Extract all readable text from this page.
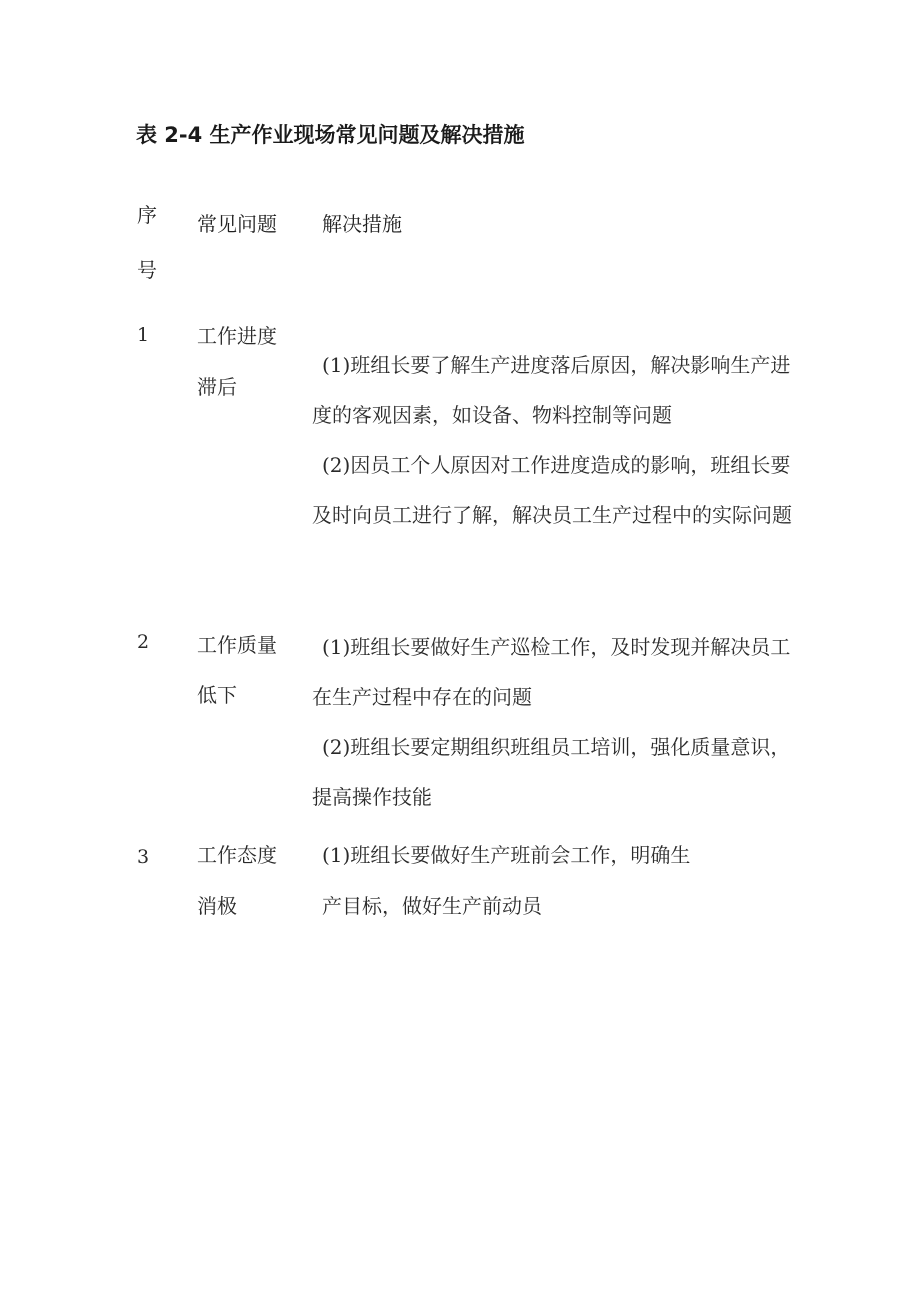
表 2-4 生产作业现场常见问题及解决措施
序
号
常见问题 解决措施
1 工作进度
滞后
(1)班组长要了解生产进度落后原因，解决影响生产进度的客观因素，如设备、物料控制等问题
(2)因员工个人原因对工作进度造成的影响，班组长要及时向员工进行了解，解决员工生产过程中的实际问题
2 工作质量
低下
(1)班组长要做好生产巡检工作，及时发现并解决员工在生产过程中存在的问题
(2)班组长要定期组织班组员工培训，强化质量意识，提高操作技能
3 工作态度
消极
(1)班组长要做好生产班前会工作，明确生
产目标，做好生产前动员
